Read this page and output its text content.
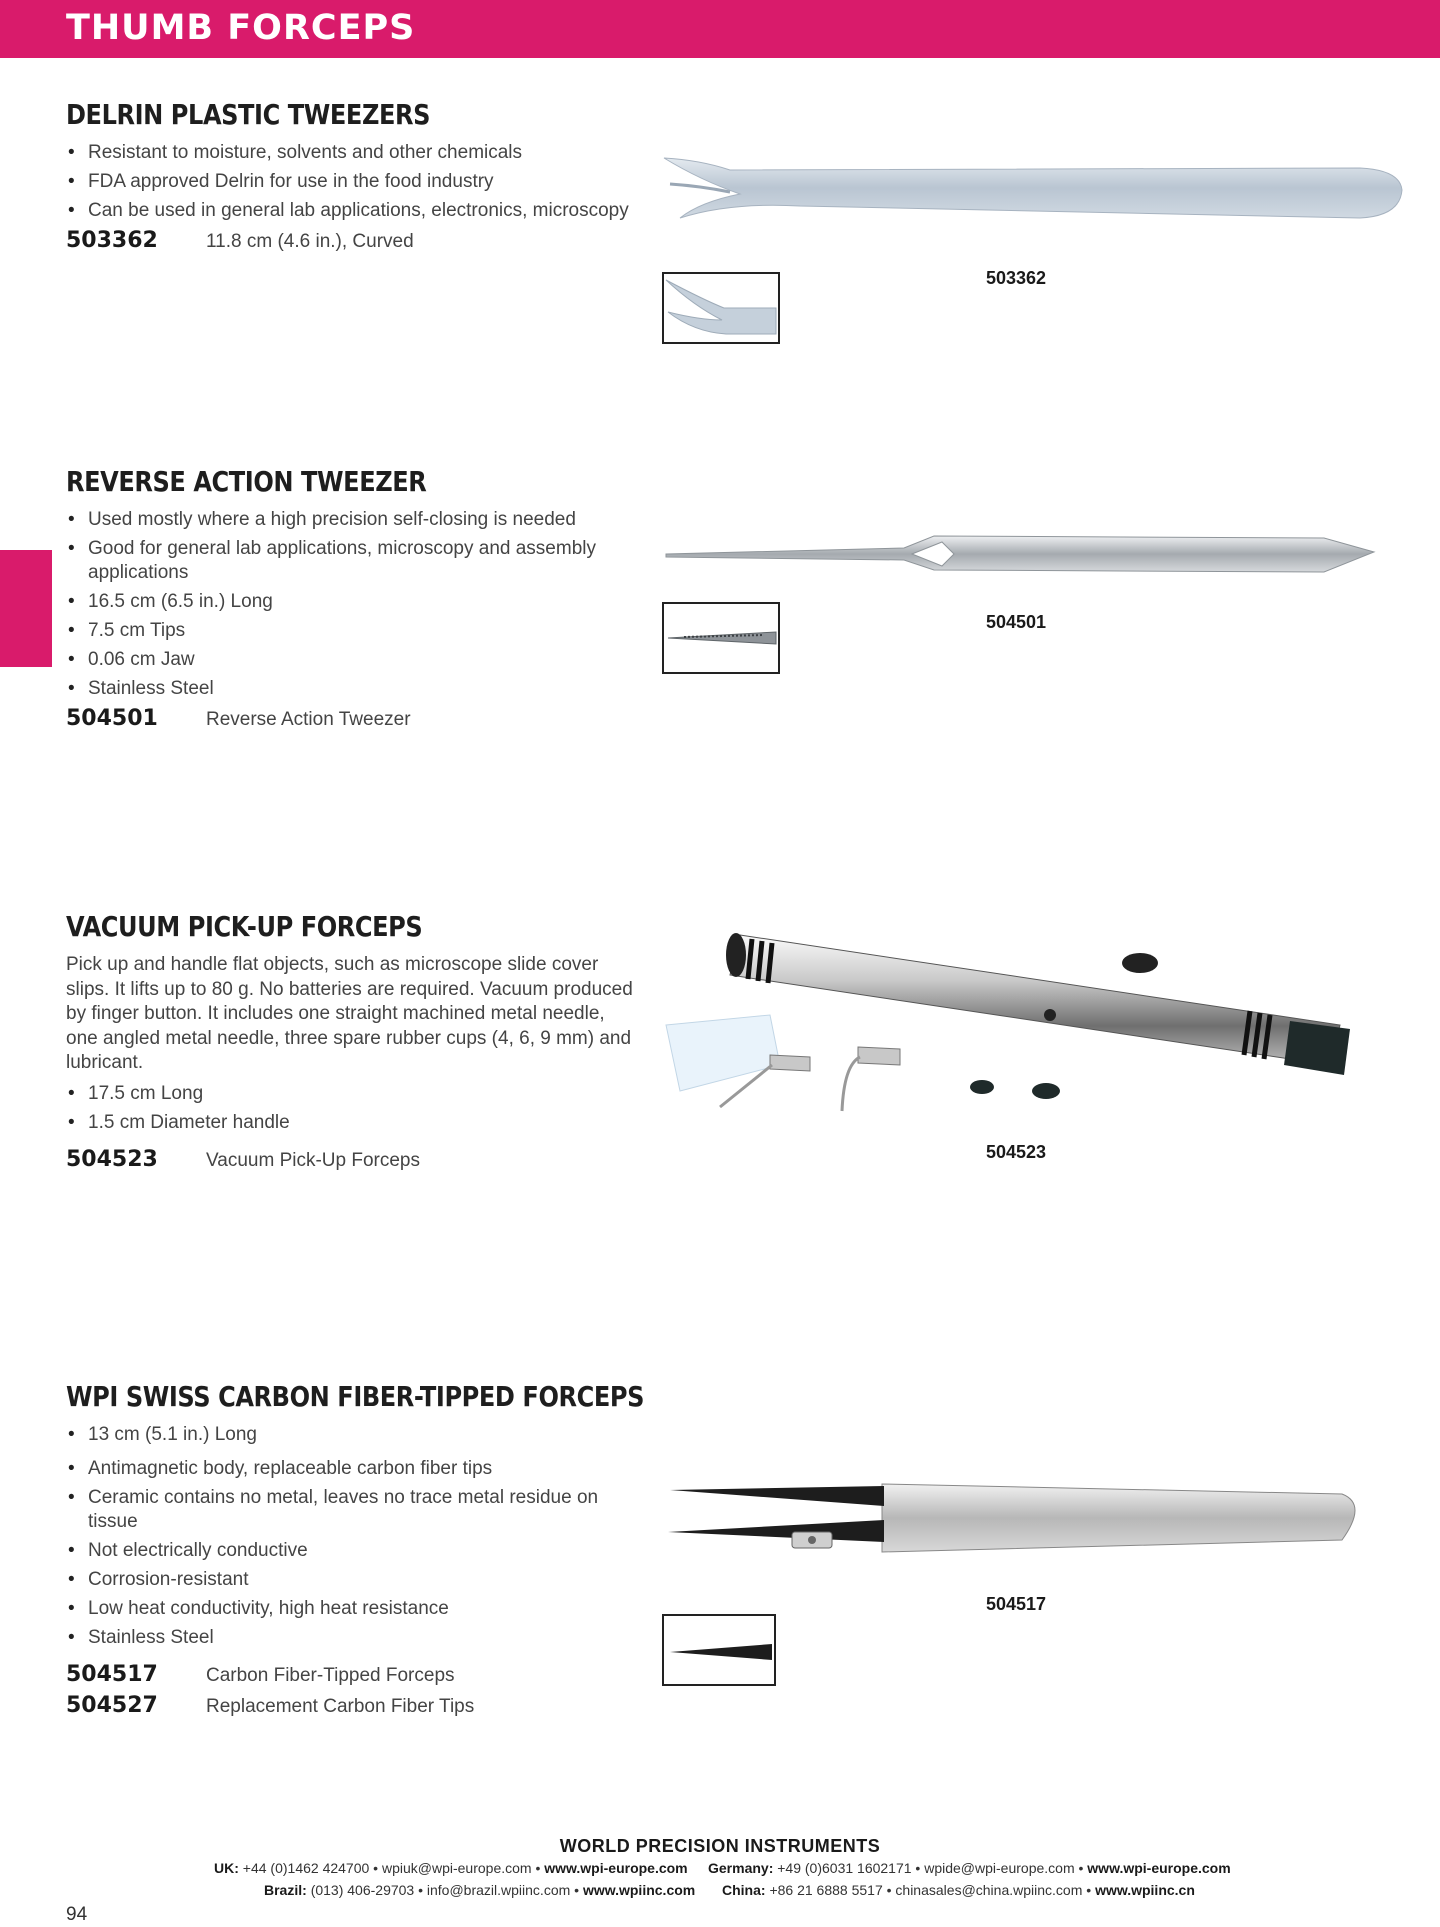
THUMB FORCEPS
DELRIN PLASTIC TWEEZERS
• Resistant to moisture, solvents and other chemicals
• FDA approved Delrin for use in the food industry
• Can be used in general lab applications, electronics, microscopy
503362	11.8 cm (4.6 in.), Curved
503362
REVERSE ACTION TWEEZER
• Used mostly where a high precision self-closing is needed
• Good for general lab applications, microscopy and assembly applications
• 16.5 cm (6.5 in.) Long
• 7.5 cm Tips
• 0.06 cm Jaw
• Stainless Steel
504501	Reverse Action Tweezer
504501
VACUUM PICK-UP FORCEPS
Pick up and handle flat objects, such as microscope slide cover slips. It lifts up to 80 g. No batteries are required. Vacuum produced by finger button. It includes one straight machined metal needle, one angled metal needle, three spare rubber cups (4, 6, 9 mm) and lubricant.
• 17.5 cm Long
• 1.5 cm Diameter handle
504523	Vacuum Pick-Up Forceps	504523
WPI SWISS CARBON FIBER-TIPPED FORCEPS
• 13 cm (5.1 in.) Long
• Antimagnetic body, replaceable carbon fiber tips
• Ceramic contains no metal, leaves no trace metal residue on tissue
• Not electrically conductive
• Corrosion-resistant
• Low heat conductivity, high heat resistance
• Stainless Steel
504517	Carbon Fiber-Tipped Forceps
504527	Replacement Carbon Fiber Tips
504517
WORLD PRECISION INSTRUMENTS
UK: +44 (0)1462 424700 • wpiuk@wpi-europe.com • www.wpi-europe.com Germany: +49 (0)6031 1602171 • wpide@wpi-europe.com • www.wpi-europe.com
Brazil: (013) 406-29703 • info@brazil.wpiinc.com • www.wpiinc.com China: +86 21 6888 5517 • chinasales@china.wpiinc.com • www.wpiinc.cn
94
